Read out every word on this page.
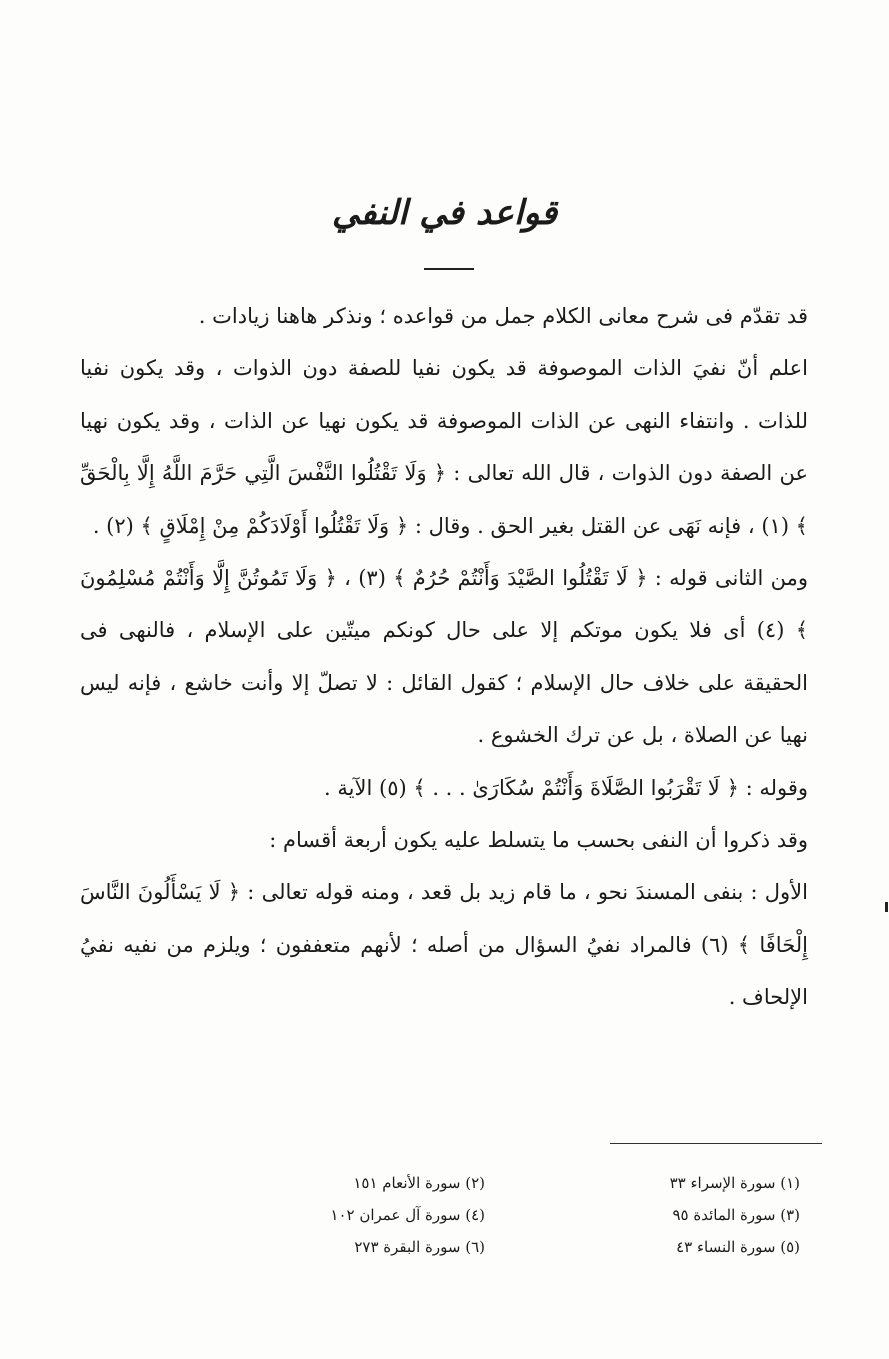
قواعد في النفي

قد تقدّم فى شرح معانى الكلام جمل من قواعده ؛ ونذكر هاهنا زيادات .

اعلم أنّ نفيَ الذات الموصوفة قد يكون نفيا للصفة دون الذوات ، وقد يكون نفيا للذات . وانتفاء النهى عن الذات الموصوفة قد يكون نهيا عن الذات ، وقد يكون نهيا عن الصفة دون الذوات ، قال الله تعالى : ﴿ وَلَا تَقْتُلُوا النَّفْسَ الَّتِي حَرَّمَ اللَّهُ إِلَّا بِالْحَقِّ ﴾ (١) ، فإنه نَهَى عن القتل بغير الحق . وقال : ﴿ وَلَا تَقْتُلُوا أَوْلَادَكُمْ مِنْ إِمْلَاقٍ ﴾ (٢) .

ومن الثانى قوله : ﴿ لَا تَقْتُلُوا الصَّيْدَ وَأَنْتُمْ حُرُمٌ ﴾ (٣) ، ﴿ وَلَا تَمُوتُنَّ إِلَّا وَأَنْتُمْ مُسْلِمُونَ ﴾ (٤) أى فلا يكون موتكم إلا على حال كونكم ميتّين على الإسلام ، فالنهى فى الحقيقة على خلاف حال الإسلام ؛ كقول القائل : لا تصلّ إلا وأنت خاشع ، فإنه ليس نهيا عن الصلاة ، بل عن ترك الخشوع .

وقوله : ﴿ لَا تَقْرَبُوا الصَّلَاةَ وَأَنْتُمْ سُكَارَىٰ . . . ﴾ (٥) الآية .

وقد ذكروا أن النفى بحسب ما يتسلط عليه يكون أربعة أقسام :

الأول : بنفى المسندَ نحو ، ما قام زيد بل قعد ، ومنه قوله تعالى : ﴿ لَا يَسْأَلُونَ النَّاسَ إِلْحَافًا ﴾ (٦) فالمراد نفيُ السؤال من أصله ؛ لأنهم متعففون ؛ ويلزم من نفيه نفيُ الإلحاف .

(١) سورة الإسراء ٣٣
(٢) سورة الأنعام ١٥١
(٣) سورة المائدة ٩٥
(٤) سورة آل عمران ١٠٢
(٥) سورة النساء ٤٣
(٦) سورة البقرة ٢٧٣
